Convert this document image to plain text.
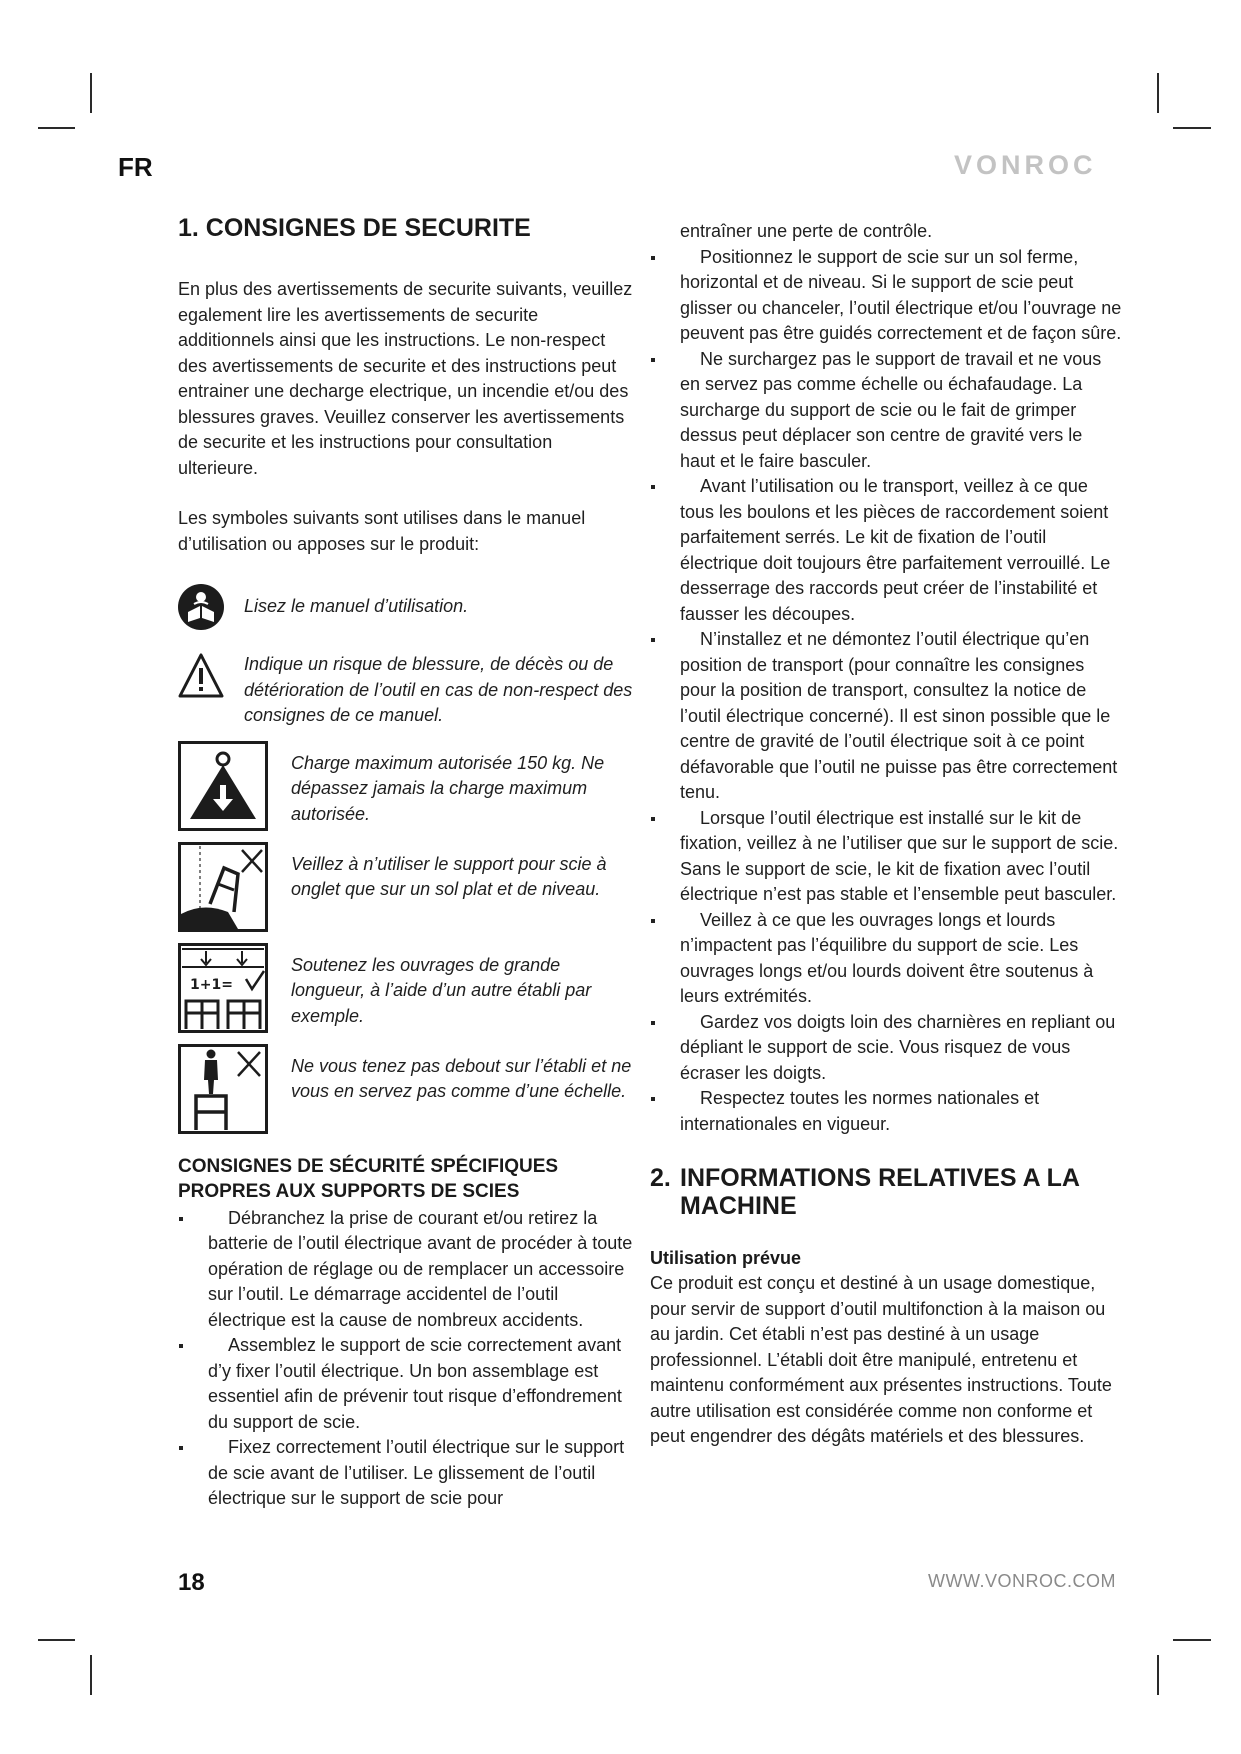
FR	VONROC
1. CONSIGNES DE SECURITE

En plus des avertissements de securite suivants, veuillez egalement lire les avertissements de securite additionnels ainsi que les instructions. Le non-respect des avertissements de securite et des instructions peut entrainer une decharge electrique, un incendie et/ou des blessures graves. Veuillez conserver les avertissements de securite et les instructions pour consultation ulterieure.

Les symboles suivants sont utilises dans le manuel d’utilisation ou apposes sur le produit:

Lisez le manuel d’utilisation.
Indique un risque de blessure, de décès ou de détérioration de l’outil en cas de non-respect des consignes de ce manuel.
Charge maximum autorisée 150 kg. Ne dépassez jamais la charge maximum autorisée.
Veillez à n’utiliser le support pour scie à onglet que sur un sol plat et de niveau.
1+1=
Soutenez les ouvrages de grande longueur, à l’aide d’un autre établi par exemple.
Ne vous tenez pas debout sur l’établi et ne vous en servez pas comme d’une échelle.
CONSIGNES DE SÉCURITÉ SPÉCIFIQUES PROPRES AUX SUPPORTS DE SCIES
Débranchez la prise de courant et/ou retirez la batterie de l’outil électrique avant de procéder à toute opération de réglage ou de remplacer un accessoire sur l’outil. Le démarrage accidentel de l’outil électrique est la cause de nombreux accidents.
Assemblez le support de scie correctement avant d’y fixer l’outil électrique. Un bon assemblage est essentiel afin de prévenir tout risque d’effondrement du support de scie.
Fixez correctement l’outil électrique sur le support de scie avant de l’utiliser. Le glissement de l’outil électrique sur le support de scie pour

entraîner une perte de contrôle.

Positionnez le support de scie sur un sol ferme, horizontal et de niveau. Si le support de scie peut glisser ou chanceler, l’outil électrique et/ou l’ouvrage ne peuvent pas être guidés correctement et de façon sûre.
Ne surchargez pas le support de travail et ne vous en servez pas comme échelle ou échafaudage. La surcharge du support de scie ou le fait de grimper dessus peut déplacer son centre de gravité vers le haut et le faire basculer.
Avant l’utilisation ou le transport, veillez à ce que tous les boulons et les pièces de raccordement soient parfaitement serrés. Le kit de fixation de l’outil électrique doit toujours être parfaitement verrouillé. Le desserrage des raccords peut créer de l’instabilité et fausser les découpes.
N’installez et ne démontez l’outil électrique qu’en position de transport (pour connaître les consignes pour la position de transport, consultez la notice de l’outil électrique concerné). Il est sinon possible que le centre de gravité de l’outil électrique soit à ce point défavorable que l’outil ne puisse pas être correctement tenu.
Lorsque l’outil électrique est installé sur le kit de fixation, veillez à ne l’utiliser que sur le support de scie. Sans le support de scie, le kit de fixation avec l’outil électrique n’est pas stable et l’ensemble peut basculer.
Veillez à ce que les ouvrages longs et lourds n’impactent pas l’équilibre du support de scie. Les ouvrages longs et/ou lourds doivent être soutenus à leurs extrémités.
Gardez vos doigts loin des charnières en repliant ou dépliant le support de scie. Vous risquez de vous écraser les doigts.
Respectez toutes les normes nationales et internationales en vigueur.
2. INFORMATIONS RELATIVES A LA MACHINE
Utilisation prévue

Ce produit est conçu et destiné à un usage domestique, pour servir de support d’outil multifonction à la maison ou au jardin. Cet établi n’est pas destiné à un usage professionnel. L’établi doit être manipulé, entretenu et maintenu conformément aux présentes instructions. Toute autre utilisation est considérée comme non conforme et peut engendrer des dégâts matériels et des blessures.

18	WWW.VONROC.COM
